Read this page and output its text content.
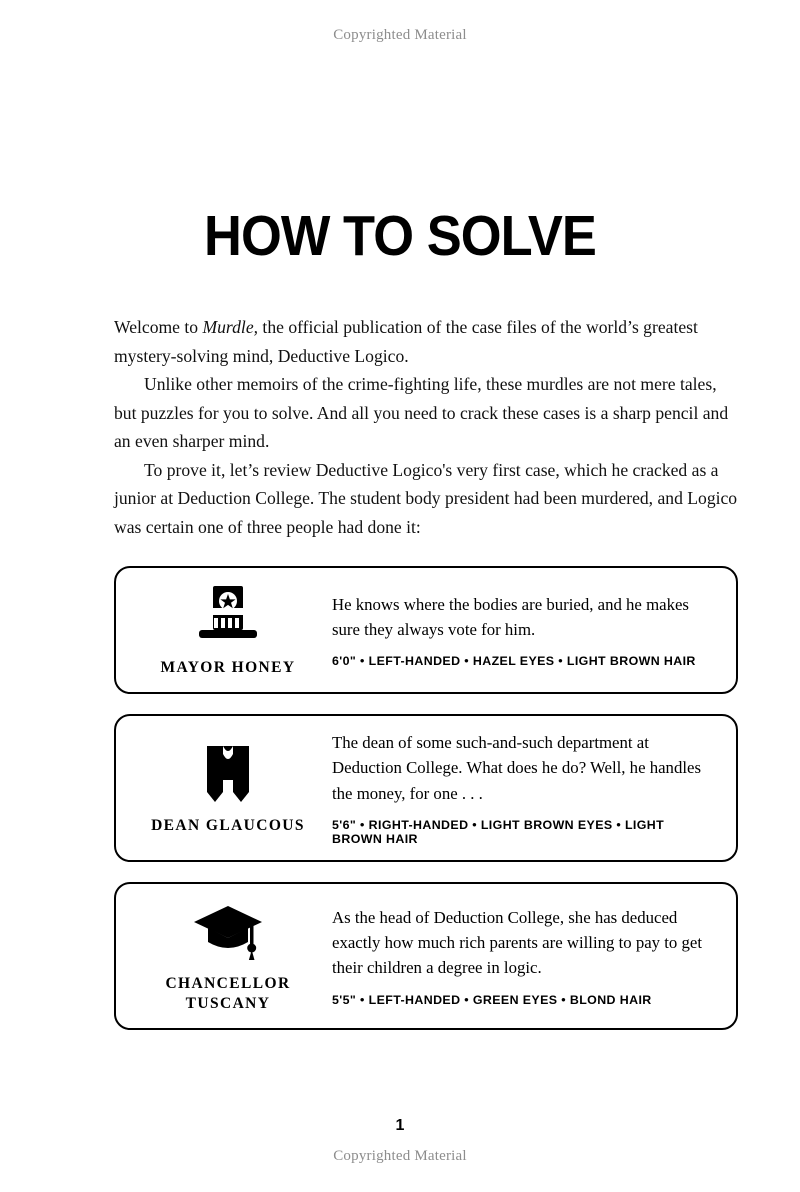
Copyrighted Material
HOW TO SOLVE

Welcome to Murdle, the official publication of the case files of the world’s greatest mystery-solving mind, Deductive Logico.

Unlike other memoirs of the crime-fighting life, these murdles are not mere tales, but puzzles for you to solve. And all you need to crack these cases is a sharp pencil and an even sharper mind.

To prove it, let’s review Deductive Logico's very first case, which he cracked as a junior at Deduction College. The student body president had been murdered, and Logico was certain one of three people had done it:

MAYOR HONEY
He knows where the bodies are buried, and he makes sure they always vote for him.
6'0" • LEFT-HANDED • HAZEL EYES • LIGHT BROWN HAIR
DEAN GLAUCOUS
The dean of some such-and-such department at Deduction College. What does he do? Well, he handles the money, for one . . .
5'6" • RIGHT-HANDED • LIGHT BROWN EYES • LIGHT BROWN HAIR
CHANCELLOR TUSCANY
As the head of Deduction College, she has deduced exactly how much rich parents are willing to pay to get their children a degree in logic.
5'5" • LEFT-HANDED • GREEN EYES • BLOND HAIR
1
Copyrighted Material
